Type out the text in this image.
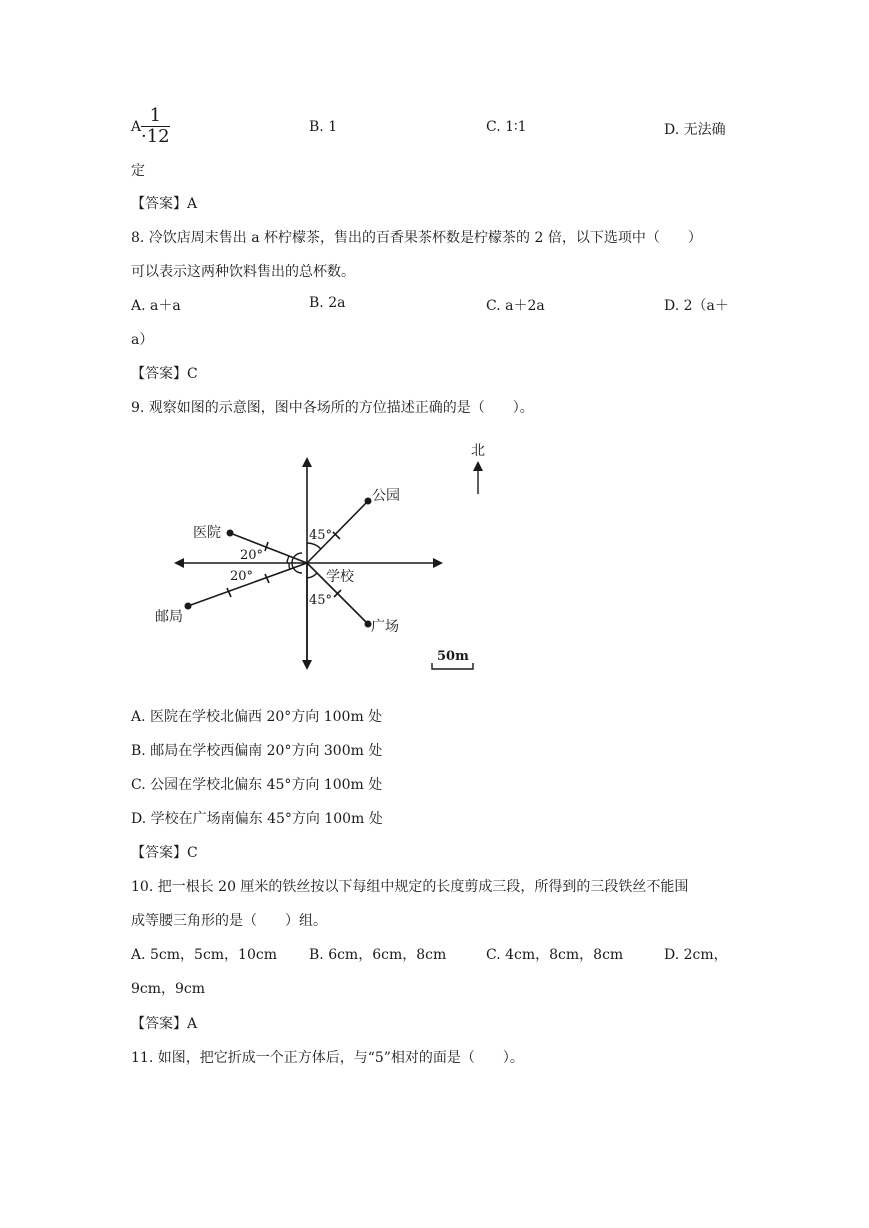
A $\frac{1}{\cdot 12}$	B. 1	C. 1∶1	D. 无法确
定
【答案】A
8. 冷饮店周末售出 a 杯柠檬茶，售出的百香果茶杯数是柠檬茶的 2 倍，以下选项中（　　）
可以表示这两种饮料售出的总杯数。
A. a＋a	B. 2a	C. a＋2a	D. 2（a＋
a）
【答案】C
9. 观察如图的示意图，图中各场所的方位描述正确的是（　　）。
北
公园
医院
学校
邮局
广场
45°
20°
20°
45°
50m
A. 医院在学校北偏西 20°方向 100m 处
B. 邮局在学校西偏南 20°方向 300m 处
C. 公园在学校北偏东 45°方向 100m 处
D. 学校在广场南偏东 45°方向 100m 处
【答案】C
10. 把一根长 20 厘米的铁丝按以下每组中规定的长度剪成三段，所得到的三段铁丝不能围
成等腰三角形的是（　　）组。
A. 5cm，5cm，10cm B. 6cm，6cm，8cm	C. 4cm，8cm，8cm	D. 2cm，
9cm，9cm
【答案】A
11. 如图，把它折成一个正方体后，与“5”相对的面是（　　）。
